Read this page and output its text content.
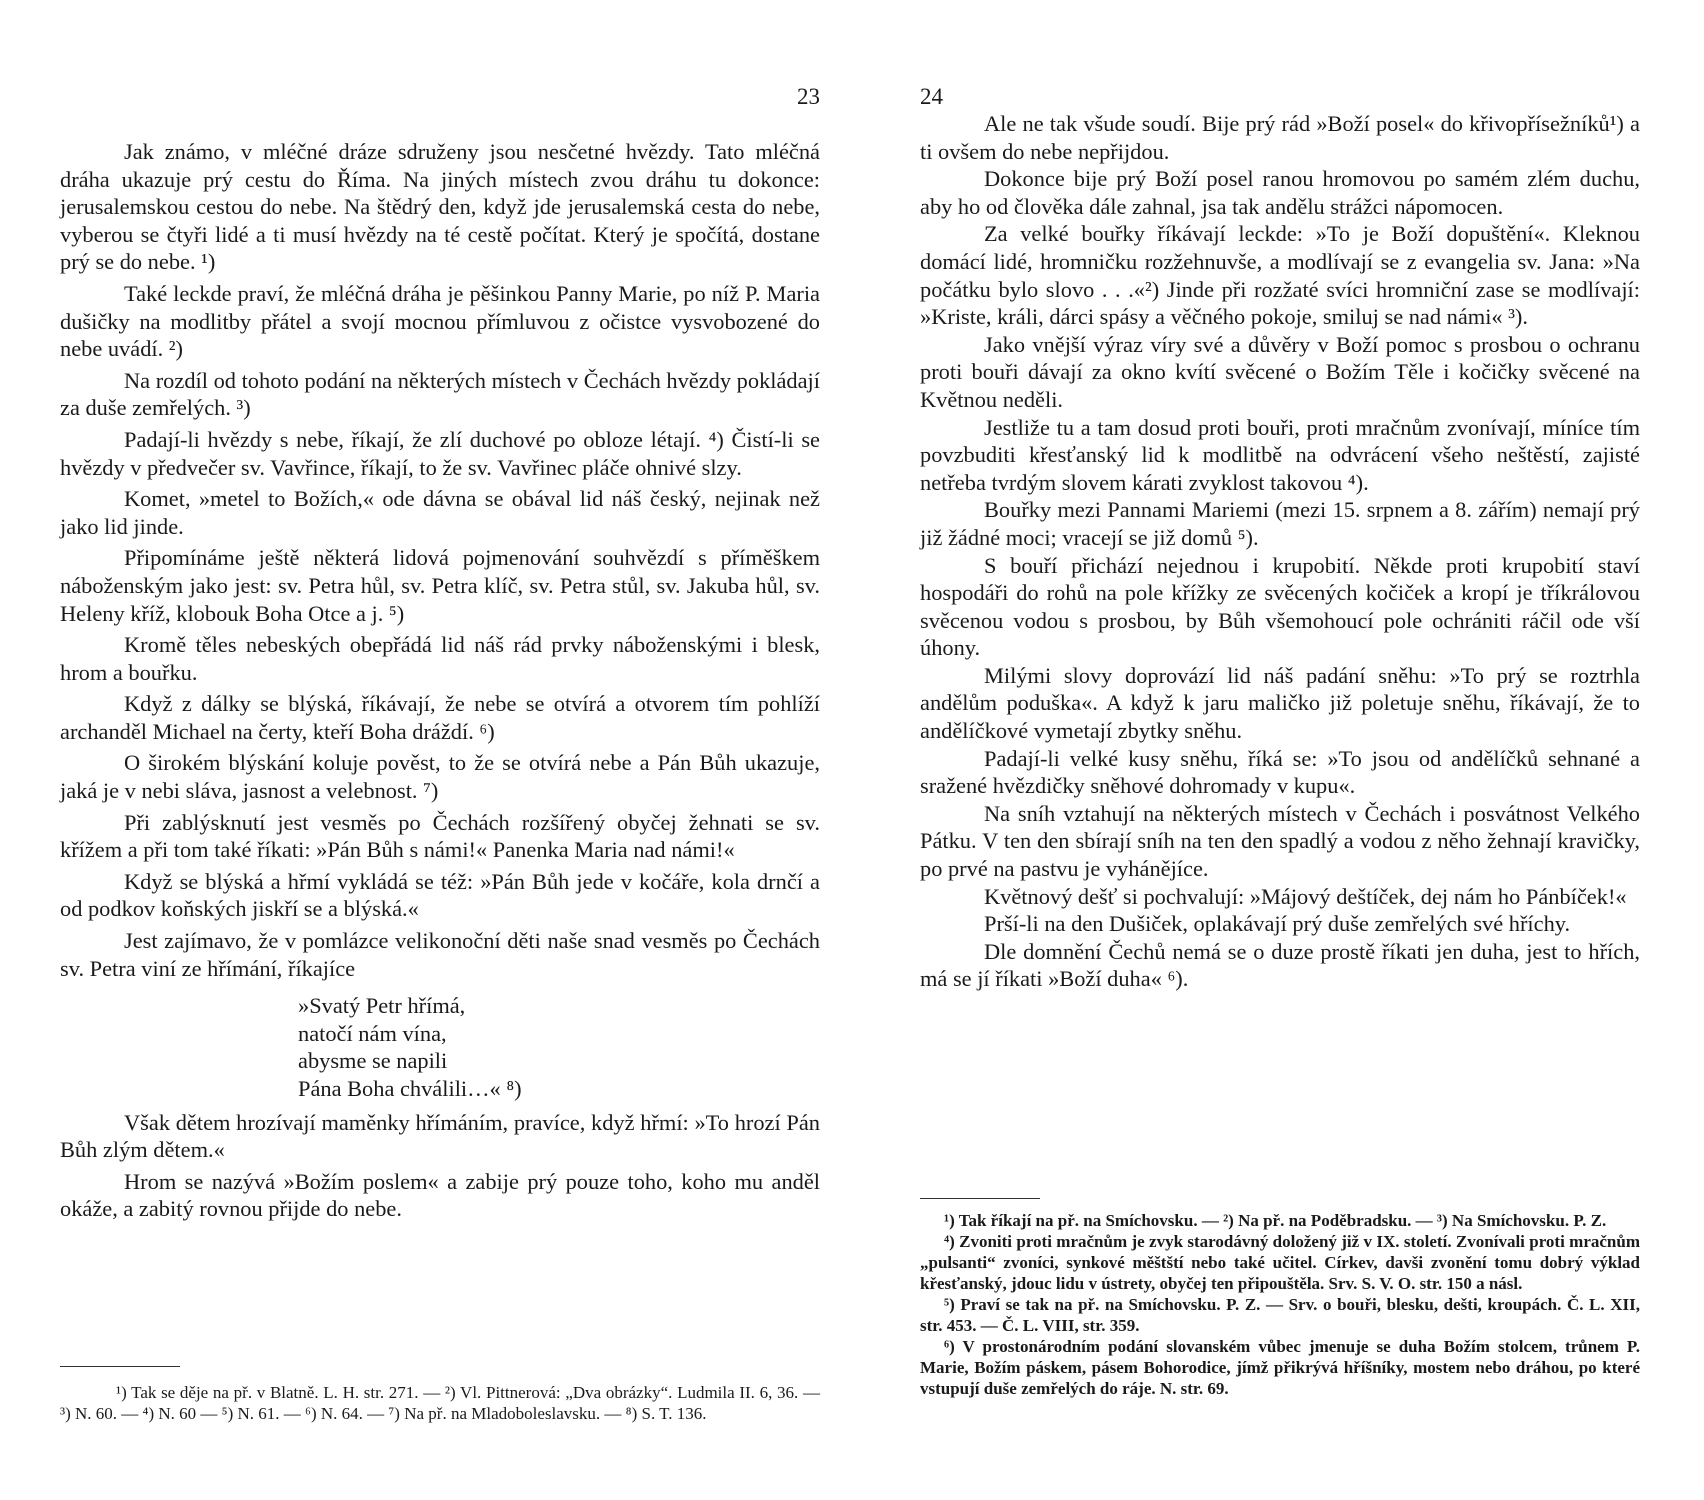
23

Jak známo, v mléčné dráze sdruženy jsou nesčetné hvězdy. Tato mléčná dráha ukazuje prý cestu do Říma. Na jiných místech zvou dráhu tu dokonce: jerusalemskou cestou do nebe. Na štědrý den, když jde jerusalemská cesta do nebe, vyberou se čtyři lidé a ti musí hvězdy na té cestě počítat. Který je spočítá, dostane prý se do nebe. ¹)

Také leckde praví, že mléčná dráha je pěšinkou Panny Marie, po níž P. Maria dušičky na modlitby přátel a svojí mocnou přímluvou z očistce vysvobozené do nebe uvádí. ²)

Na rozdíl od tohoto podání na některých místech v Čechách hvězdy pokládají za duše zemřelých. ³)

Padají-li hvězdy s nebe, říkají, že zlí duchové po obloze létají. ⁴) Čistí-li se hvězdy v předvečer sv. Vavřince, říkají, to že sv. Vavřinec pláče ohnivé slzy.

Komet, »metel to Božích,« ode dávna se obával lid náš český, nejinak než jako lid jinde.

Připomínáme ještě některá lidová pojmenování souhvězdí s příměškem náboženským jako jest: sv. Petra hůl, sv. Petra klíč, sv. Petra stůl, sv. Jakuba hůl, sv. Heleny kříž, klobouk Boha Otce a j. ⁵)

Kromě těles nebeských obepřádá lid náš rád prvky náboženskými i blesk, hrom a bouřku.

Když z dálky se blýská, říkávají, že nebe se otvírá a otvorem tím pohlíží archanděl Michael na čerty, kteří Boha dráždí. ⁶)

O širokém blýskání koluje pověst, to že se otvírá nebe a Pán Bůh ukazuje, jaká je v nebi sláva, jasnost a velebnost. ⁷)

Při zablýsknutí jest vesměs po Čechách rozšířený obyčej žehnati se sv. křížem a při tom také říkati: »Pán Bůh s námi!« Panenka Maria nad námi!«

Když se blýská a hřmí vykládá se též: »Pán Bůh jede v kočáře, kola drnčí a od podkov koňských jiskří se a blýská.«

Jest zajímavo, že v pomlázce velikonoční děti naše snad vesměs po Čechách sv. Petra viní ze hřímání, říkajíce

»Svatý Petr hřímá,
natočí nám vína,
abysme se napili
Pána Boha chválili…« ⁸)

Však dětem hrozívají maměnky hřímáním, pravíce, když hřmí: »To hrozí Pán Bůh zlým dětem.«

Hrom se nazývá »Božím poslem« a zabije prý pouze toho, koho mu anděl okáže, a zabitý rovnou přijde do nebe.

¹) Tak se děje na př. v Blatně. L. H. str. 271. — ²) Vl. Pittnerová: „Dva obrázky“. Ludmila II. 6, 36. — ³) N. 60. — ⁴) N. 60 — ⁵) N. 61. — ⁶) N. 64. — ⁷) Na př. na Mladoboleslavsku. — ⁸) S. T. 136.

24

Ale ne tak všude soudí. Bije prý rád »Boží posel« do křivopřísežníků¹) a ti ovšem do nebe nepřijdou.

Dokonce bije prý Boží posel ranou hromovou po samém zlém duchu, aby ho od člověka dále zahnal, jsa tak andělu strážci nápomocen.

Za velké bouřky říkávají leckde: »To je Boží dopuštění«. Kleknou domácí lidé, hromničku rozžehnuvše, a modlívají se z evangelia sv. Jana: »Na počátku bylo slovo . . .«²) Jinde při rozžaté svíci hromniční zase se modlívají: »Kriste, králi, dárci spásy a věčného pokoje, smiluj se nad námi« ³).

Jako vnější výraz víry své a důvěry v Boží pomoc s prosbou o ochranu proti bouři dávají za okno kvítí svěcené o Božím Těle i kočičky svěcené na Květnou neděli.

Jestliže tu a tam dosud proti bouři, proti mračnům zvonívají, míníce tím povzbuditi křesťanský lid k modlitbě na odvrácení všeho neštěstí, zajisté netřeba tvrdým slovem kárati zvyklost takovou ⁴).

Bouřky mezi Pannami Mariemi (mezi 15. srpnem a 8. zářím) nemají prý již žádné moci; vracejí se již domů ⁵).

S bouří přichází nejednou i krupobití. Někde proti krupobití staví hospodáři do rohů na pole křížky ze svěcených kočiček a kropí je tříkrálovou svěcenou vodou s prosbou, by Bůh všemohoucí pole ochrániti ráčil ode vší úhony.

Milými slovy doprovází lid náš padání sněhu: »To prý se roztrhla andělům poduška«. A když k jaru maličko již poletuje sněhu, říkávají, že to andělíčkové vymetají zbytky sněhu.

Padají-li velké kusy sněhu, říká se: »To jsou od andělíčků sehnané a sražené hvězdičky sněhové dohromady v kupu«.

Na sníh vztahují na některých místech v Čechách i posvátnost Velkého Pátku. V ten den sbírají sníh na ten den spadlý a vodou z něho žehnají kravičky, po prvé na pastvu je vyhánějíce.

Květnový dešť si pochvalují: »Májový deštíček, dej nám ho Pánbíček!«

Prší-li na den Dušiček, oplakávají prý duše zemřelých své hříchy.

Dle domnění Čechů nemá se o duze prostě říkati jen duha, jest to hřích, má se jí říkati »Boží duha« ⁶).

¹) Tak říkají na př. na Smíchovsku. — ²) Na př. na Poděbradsku. — ³) Na Smíchovsku. P. Z.

⁴) Zvoniti proti mračnům je zvyk starodávný doložený již v IX. století. Zvonívali proti mračnům „pulsanti“ zvoníci, synkové měštští nebo také učitel. Církev, davši zvonění tomu dobrý výklad křesťanský, jdouc lidu v ústrety, obyčej ten připouštěla. Srv. S. V. O. str. 150 a násl.

⁵) Praví se tak na př. na Smíchovsku. P. Z. — Srv. o bouři, blesku, dešti, kroupách. Č. L. XII, str. 453. — Č. L. VIII, str. 359.

⁶) V prostonárodním podání slovanském vůbec jmenuje se duha Božím stolcem, trůnem P. Marie, Božím páskem, pásem Bohorodice, jímž přikrývá hříšníky, mostem nebo dráhou, po které vstupují duše zemřelých do ráje. N. str. 69.
